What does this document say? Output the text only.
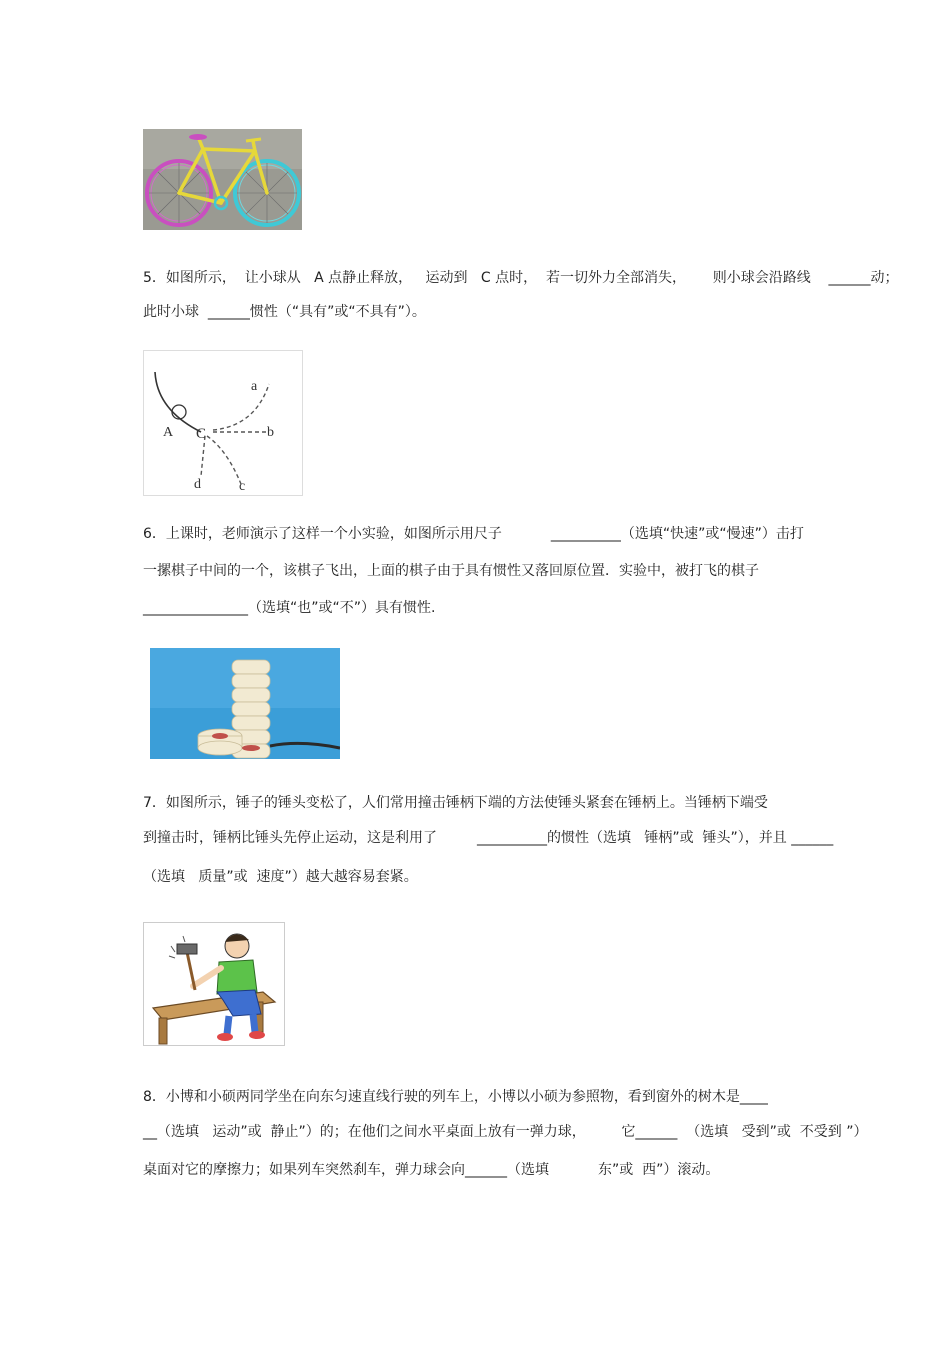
5．如图所示，  让小球从   A 点静止释放，   运动到   C 点时，  若一切外力全部消失，      则小球会沿路线    ______动；
此时小球  ______惯性（“具有”或“不具有”）。
a
A	b
C
d	c
6．上课时，老师演示了这样一个小实验，如图所示用尺子           __________（选填“快速”或“慢速”）击打
一摞棋子中间的一个，该棋子飞出，上面的棋子由于具有惯性又落回原位置．实验中，被打飞的棋子
_______________（选填“也”或“不”）具有惯性.
7．如图所示，锤子的锤头变松了，人们常用撞击锤柄下端的方法使锤头紧套在锤柄上。当锤柄下端受
到撞击时，锤柄比锤头先停止运动，这是利用了         __________的惯性（选填   锤柄”或  锤头”），并且 ______
（选填   质量”或  速度”）越大越容易套紧。
8．小博和小硕两同学坐在向东匀速直线行驶的列车上，小博以小硕为参照物，看到窗外的树木是____
__（选填   运动”或  静止”）的；在他们之间水平桌面上放有一弹力球，        它______  （选填   受到”或  不受到 ”）
桌面对它的摩擦力；如果列车突然刹车，弹力球会向______（选填           东”或  西”）滚动。
